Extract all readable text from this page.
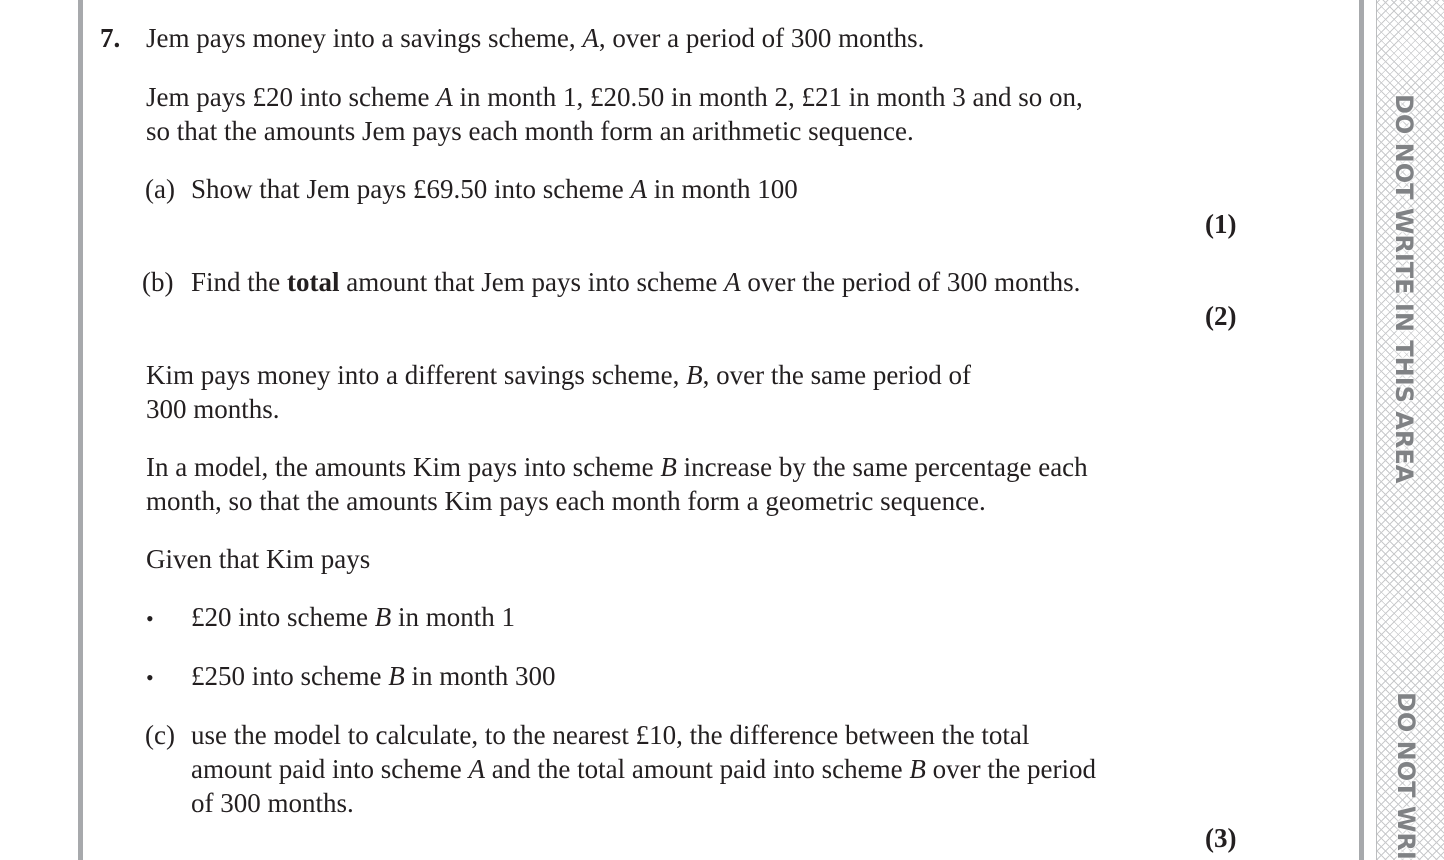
DO NOT WRITE IN THIS AREA
DO NOT WRI
7. Jem pays money into a savings scheme, A, over a period of 300 months.
Jem pays £20 into scheme A in month 1, £20.50 in month 2, £21 in month 3 and so on,
so that the amounts Jem pays each month form an arithmetic sequence.
(a) Show that Jem pays £69.50 into scheme A in month 100
(1)
(b) Find the total amount that Jem pays into scheme A over the period of 300 months.
(2)
Kim pays money into a different savings scheme, B, over the same period of
300 months.
In a model, the amounts Kim pays into scheme B increase by the same percentage each
month, so that the amounts Kim pays each month form a geometric sequence.
Given that Kim pays
• £20 into scheme B in month 1
• £250 into scheme B in month 300
(c) use the model to calculate, to the nearest £10, the difference between the total
amount paid into scheme A and the total amount paid into scheme B over the period
of 300 months.
(3)
